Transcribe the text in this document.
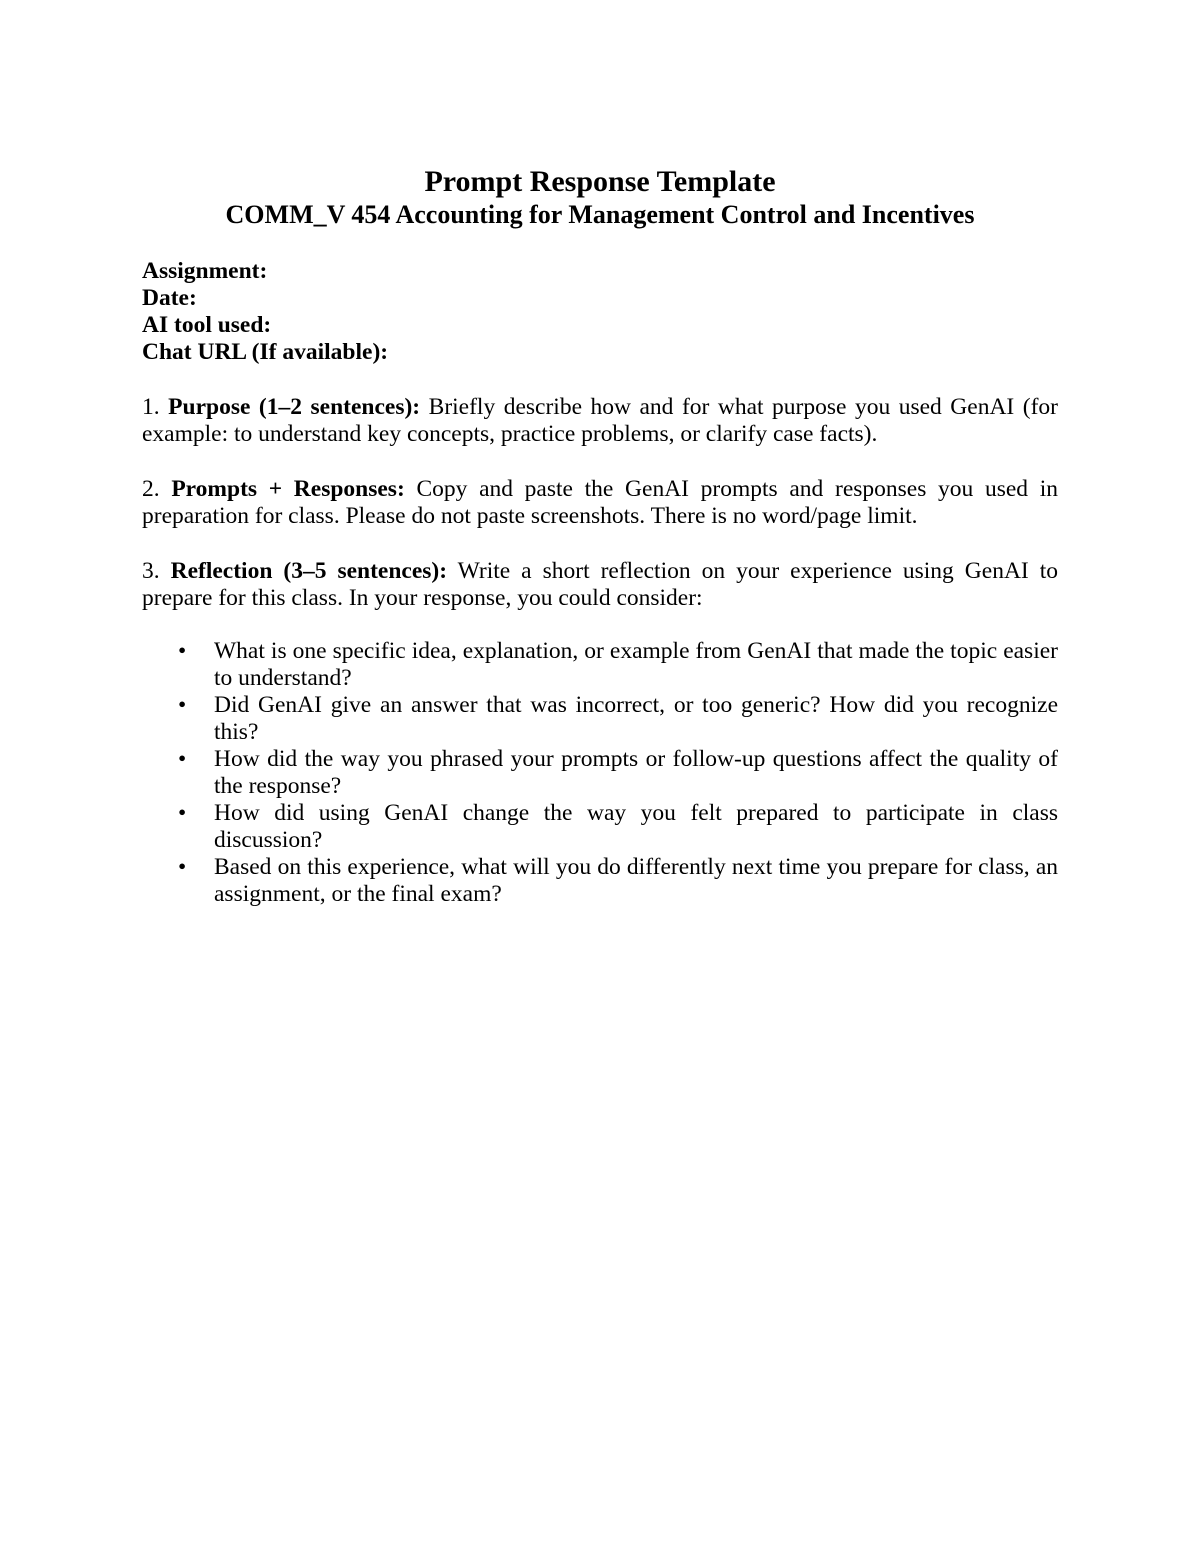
Prompt Response Template
COMM_V 454 Accounting for Management Control and Incentives

Assignment:

Date:

AI tool used:

Chat URL (If available):

1. Purpose (1–2 sentences): Briefly describe how and for what purpose you used GenAI (for example: to understand key concepts, practice problems, or clarify case facts).

2. Prompts + Responses: Copy and paste the GenAI prompts and responses you used in preparation for class. Please do not paste screenshots. There is no word/page limit.

3. Reflection (3–5 sentences): Write a short reflection on your experience using GenAI to prepare for this class. In your response, you could consider:

• What is one specific idea, explanation, or example from GenAI that made the topic easier to understand?
• Did GenAI give an answer that was incorrect, or too generic? How did you recognize this?
• How did the way you phrased your prompts or follow-up questions affect the quality of the response?
• How did using GenAI change the way you felt prepared to participate in class discussion?
• Based on this experience, what will you do differently next time you prepare for class, an assignment, or the final exam?
